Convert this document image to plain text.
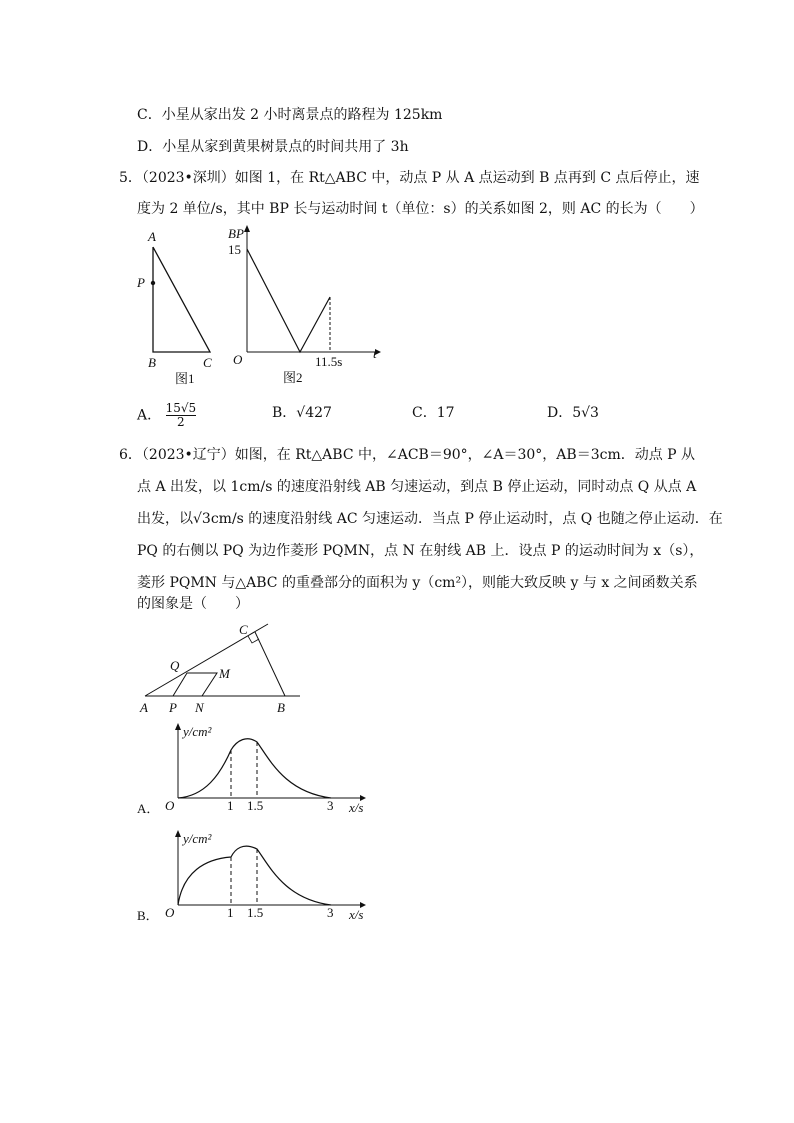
C．小星从家出发 2 小时离景点的路程为 125km
D．小星从家到黄果树景点的时间共用了 3h
5．（2023•深圳）如图 1，在 Rt△ABC 中，动点 P 从 A 点运动到 B 点再到 C 点后停止，速
度为 2 单位/s，其中 BP 长与运动时间 t（单位：s）的关系如图 2，则 AC 的长为（　　）
A
P
B	C
图1
BP
15
O	11.5s
t
图2
A． $\frac{15√5}{2}$	B．√427	C．17	D．5√3
6．（2023•辽宁）如图，在 Rt△ABC 中，∠ACB＝90°，∠A＝30°，AB＝3cm．动点 P 从
点 A 出发，以 1cm/s 的速度沿射线 AB 匀速运动，到点 B 停止运动，同时动点 Q 从点 A
出发，以√3cm/s 的速度沿射线 AC 匀速运动．当点 P 停止运动时，点 Q 也随之停止运动．在
PQ 的右侧以 PQ 为边作菱形 PQMN，点 N 在射线 AB 上．设点 P 的运动时间为 x（s），
菱形 PQMN 与△ABC 的重叠部分的面积为 y（cm²），则能大致反映 y 与 x 之间函数关系
的图象是（　　）
A P N	B
C
Q
M
A．
y/cm²
O	1 1.5	3 x/s
B．
y/cm²
O	1 1.5	3 x/s
